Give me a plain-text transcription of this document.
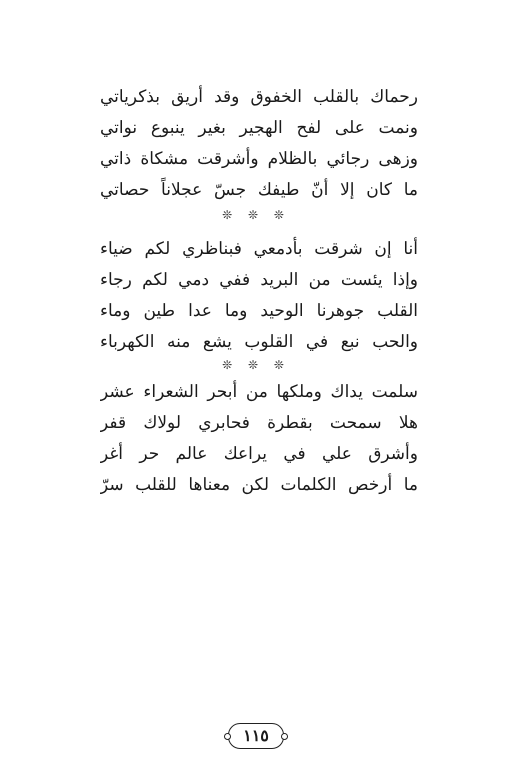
رحماك بالقلب الخفوق وقد أريق بذكرياتي
ونمت على لفح الهجير بغير ينبوع نواتي
وزهى رجائي بالظلام وأشرقت مشكاة ذاتي
ما كان إلا أنّ طيفك جسّ عجلاناً حصاتي
❊ ❊ ❊
أنا إن شرقت بأدمعي فبناظري لكم ضياء
وإذا يئست من البريد ففي دمي لكم رجاء
القلب جوهرنا الوحيد وما عدا طين وماء
والحب نبع في القلوب يشع منه الكهرباء
❊ ❊ ❊
سلمت يداك وملكها من أبحر الشعراء عشر
هلا سمحت بقطرة فحابري لولاك قفر
وأشرق علي في يراعك عالم حر أغر
ما أرخص الكلمات لكن معناها للقلب سرّ
١١٥
